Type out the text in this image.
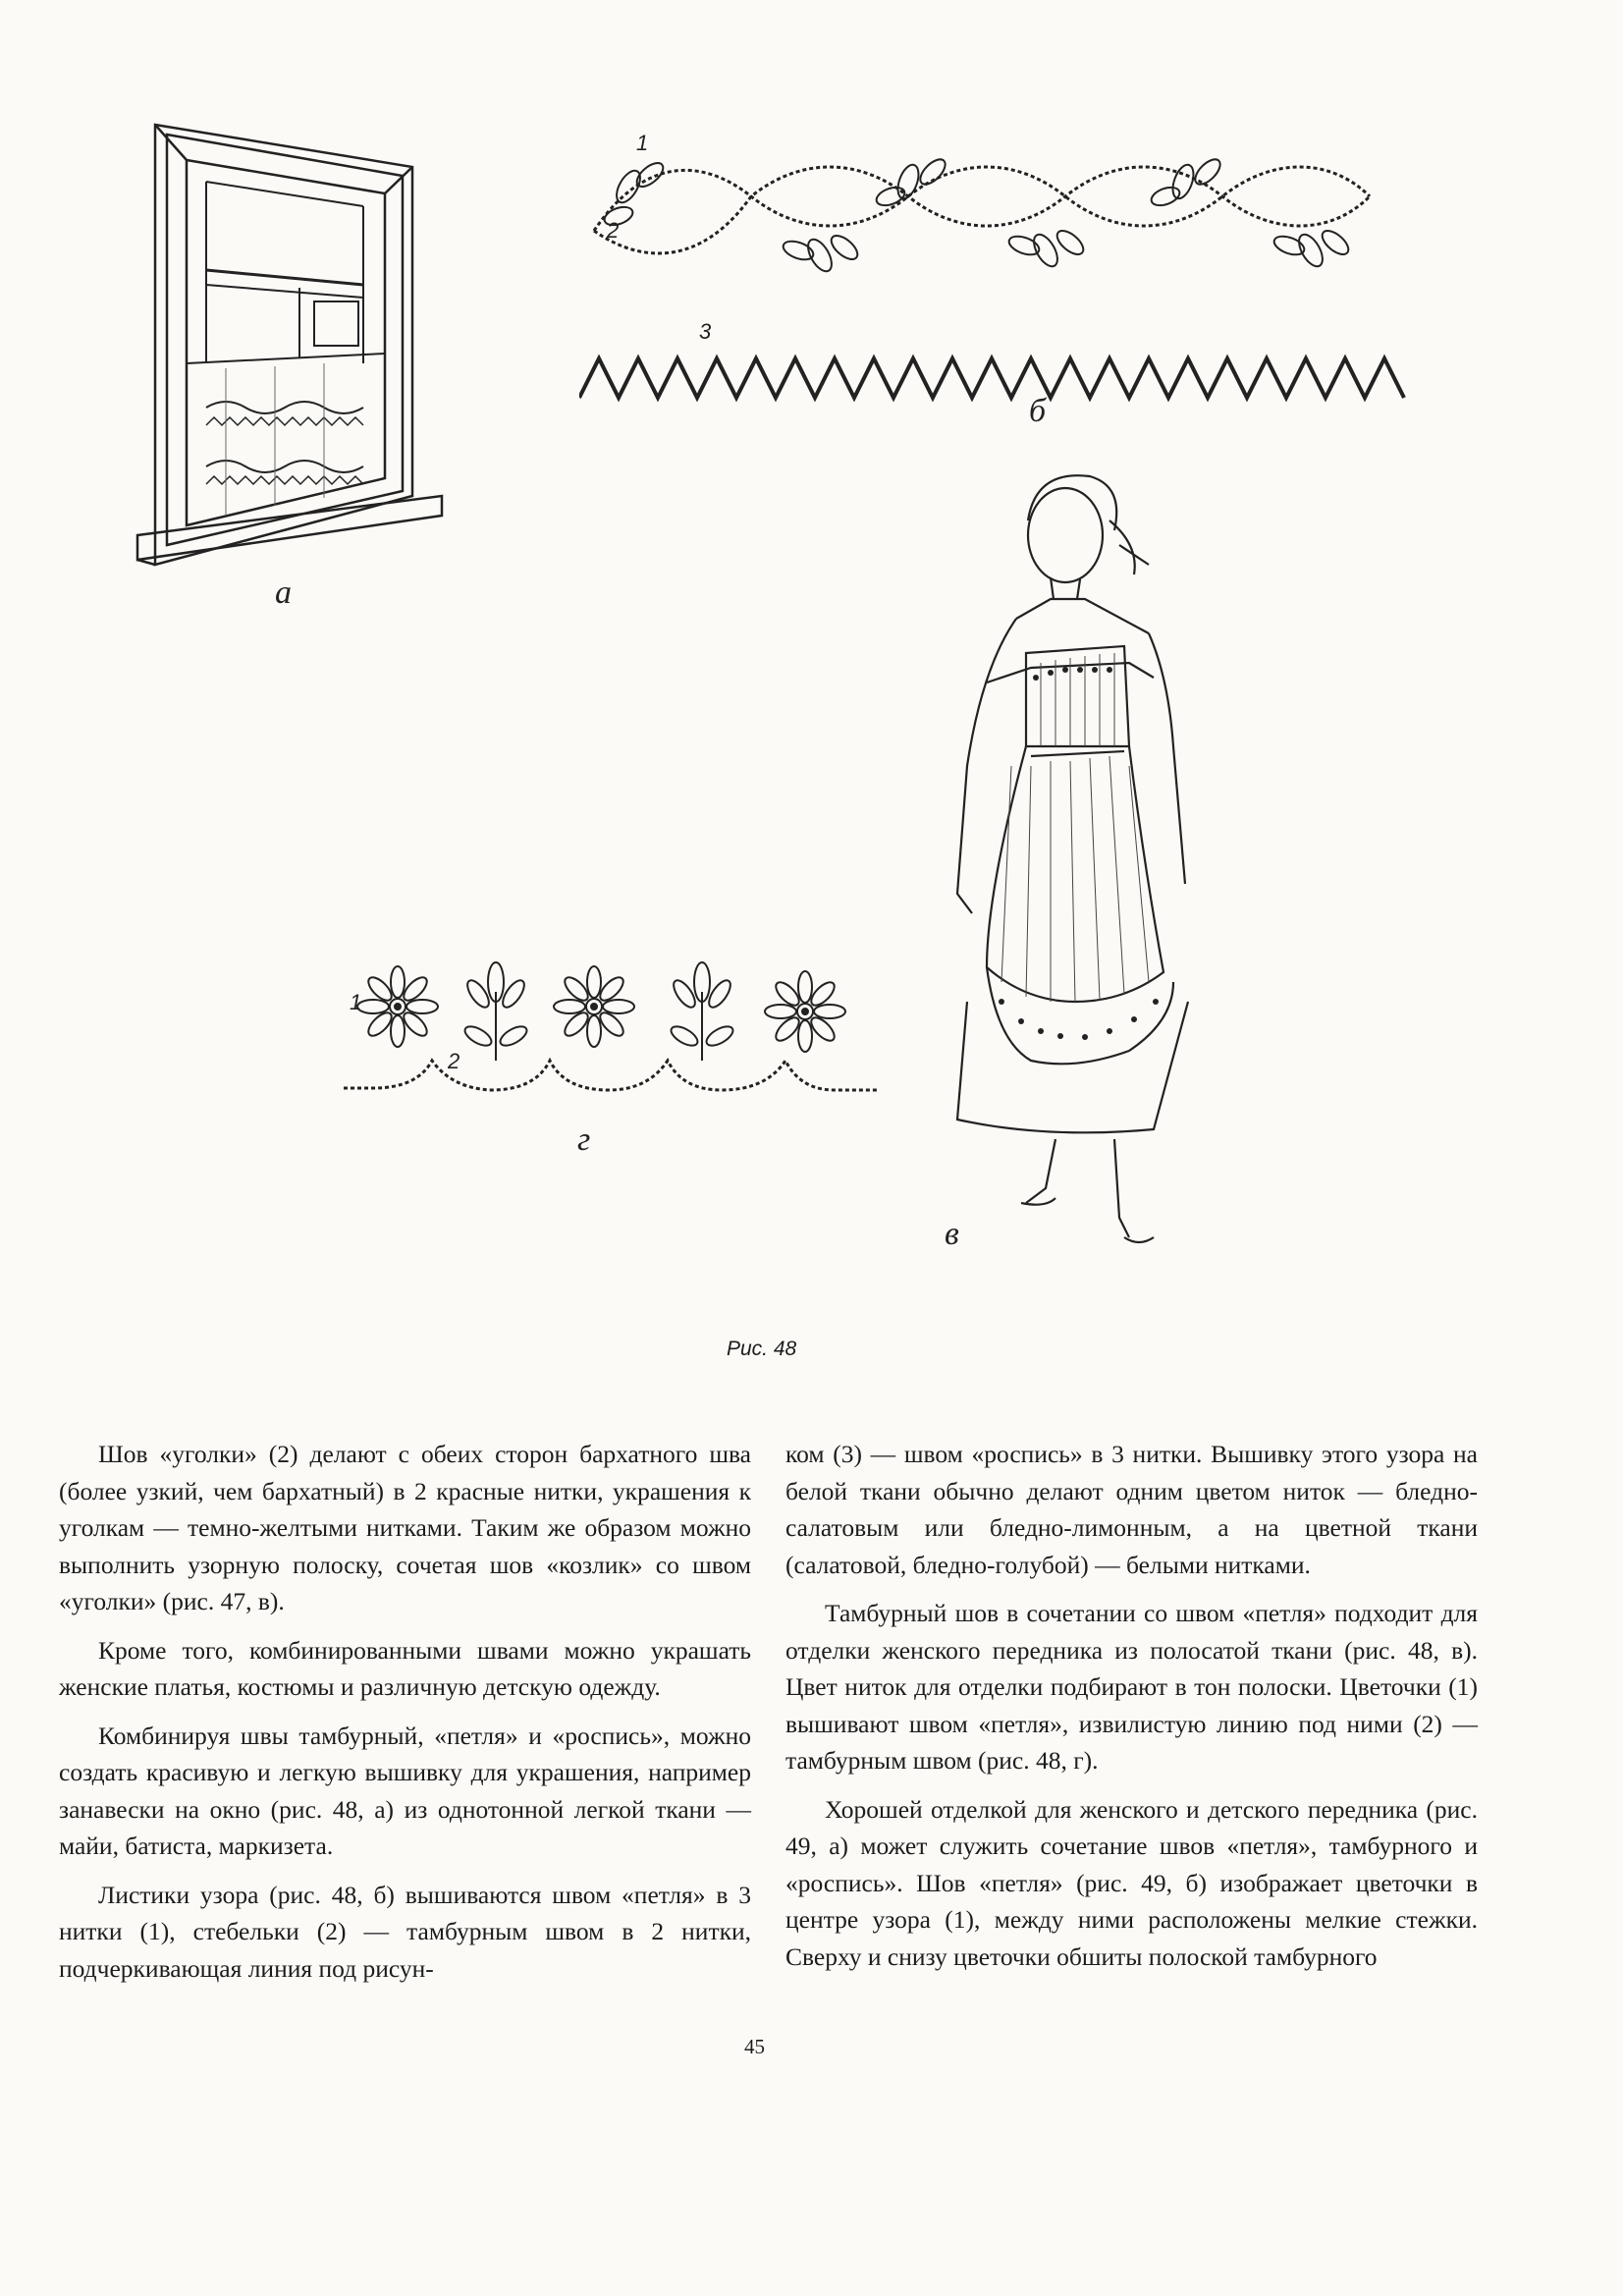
а
1
2
3
б
в
1
2
г
Рис. 48

Шов «уголки» (2) делают с обеих сторон бархатного шва (более узкий, чем бархатный) в 2 красные нитки, украшения к уголкам — темно-желтыми нитками. Таким же образом можно выполнить узорную полоску, сочетая шов «козлик» со швом «уголки» (рис. 47, в).

Кроме того, комбинированными швами можно украшать женские платья, костюмы и различную детскую одежду.

Комбинируя швы тамбурный, «петля» и «роспись», можно создать красивую и легкую вышивку для украшения, например занавески на окно (рис. 48, а) из однотонной легкой ткани — майи, батиста, маркизета.

Листики узора (рис. 48, б) вышиваются швом «петля» в 3 нитки (1), стебельки (2) — тамбурным швом в 2 нитки, подчеркивающая линия под рисун-

ком (3) — швом «роспись» в 3 нитки. Вышивку этого узора на белой ткани обычно делают одним цветом ниток — бледно-салатовым или бледно-лимонным, а на цветной ткани (салатовой, бледно-голубой) — белыми нитками.

Тамбурный шов в сочетании со швом «петля» подходит для отделки женского передника из полосатой ткани (рис. 48, в). Цвет ниток для отделки подбирают в тон полоски. Цветочки (1) вышивают швом «петля», извилистую линию под ними (2) — тамбурным швом (рис. 48, г).

Хорошей отделкой для женского и детского передника (рис. 49, а) может служить сочетание швов «петля», тамбурного и «роспись». Шов «петля» (рис. 49, б) изображает цветочки в центре узора (1), между ними расположены мелкие стежки. Сверху и снизу цветочки обшиты полоской тамбурного

45
